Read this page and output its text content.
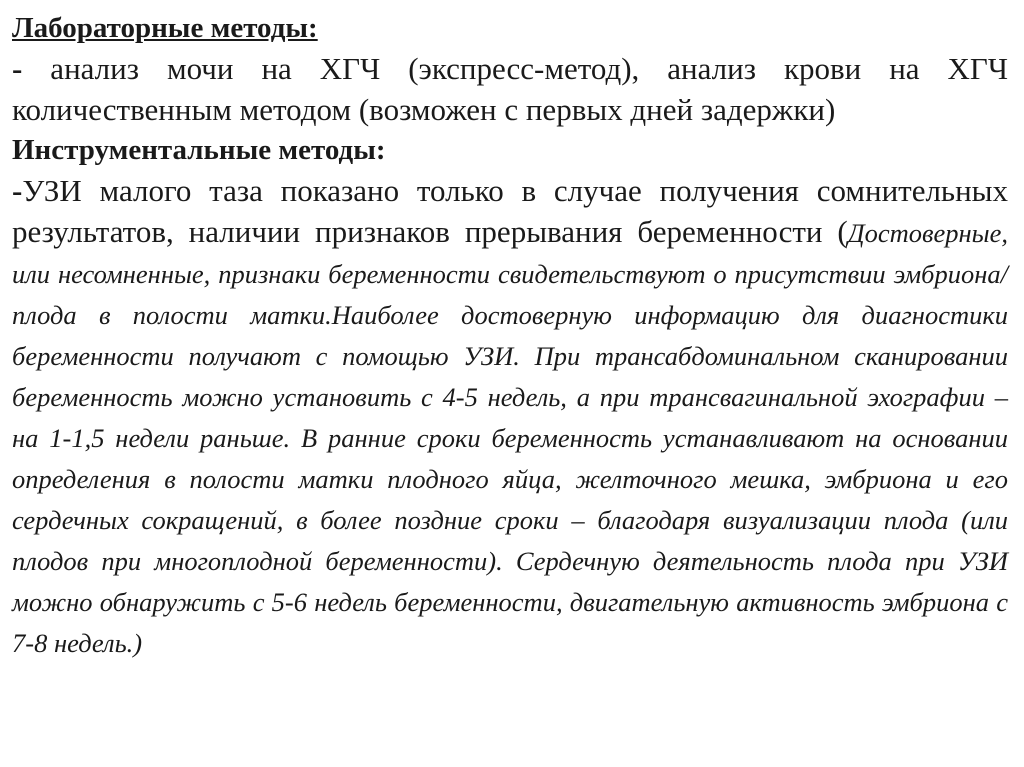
Лабораторные методы:

- анализ мочи на ХГЧ (экспресс-метод), анализ крови на ХГЧ количественным методом (возможен с первых дней задержки)

Инструментальные методы:

-УЗИ малого таза показано только в случае получения сомнительных результатов, наличии признаков прерывания беременности (Достоверные, или несомненные, признаки беременности свидетельствуют о присутствии эмбриона/плода в полости матки.Наиболее достоверную информацию для диагностики беременности получают с помощью УЗИ. При трансабдоминальном сканировании беременность можно установить с 4-5 недель, а при трансвагинальной эхографии – на 1-1,5 недели раньше. В ранние сроки беременность устанавливают на основании определения в полости матки плодного яйца, желточного мешка, эмбриона и его сердечных сокращений, в более поздние сроки – благодаря визуализации плода (или плодов при многоплодной беременности). Сердечную деятельность плода при УЗИ можно обнаружить с 5-6 недель беременности, двигательную активность эмбриона с 7-8 недель.)
